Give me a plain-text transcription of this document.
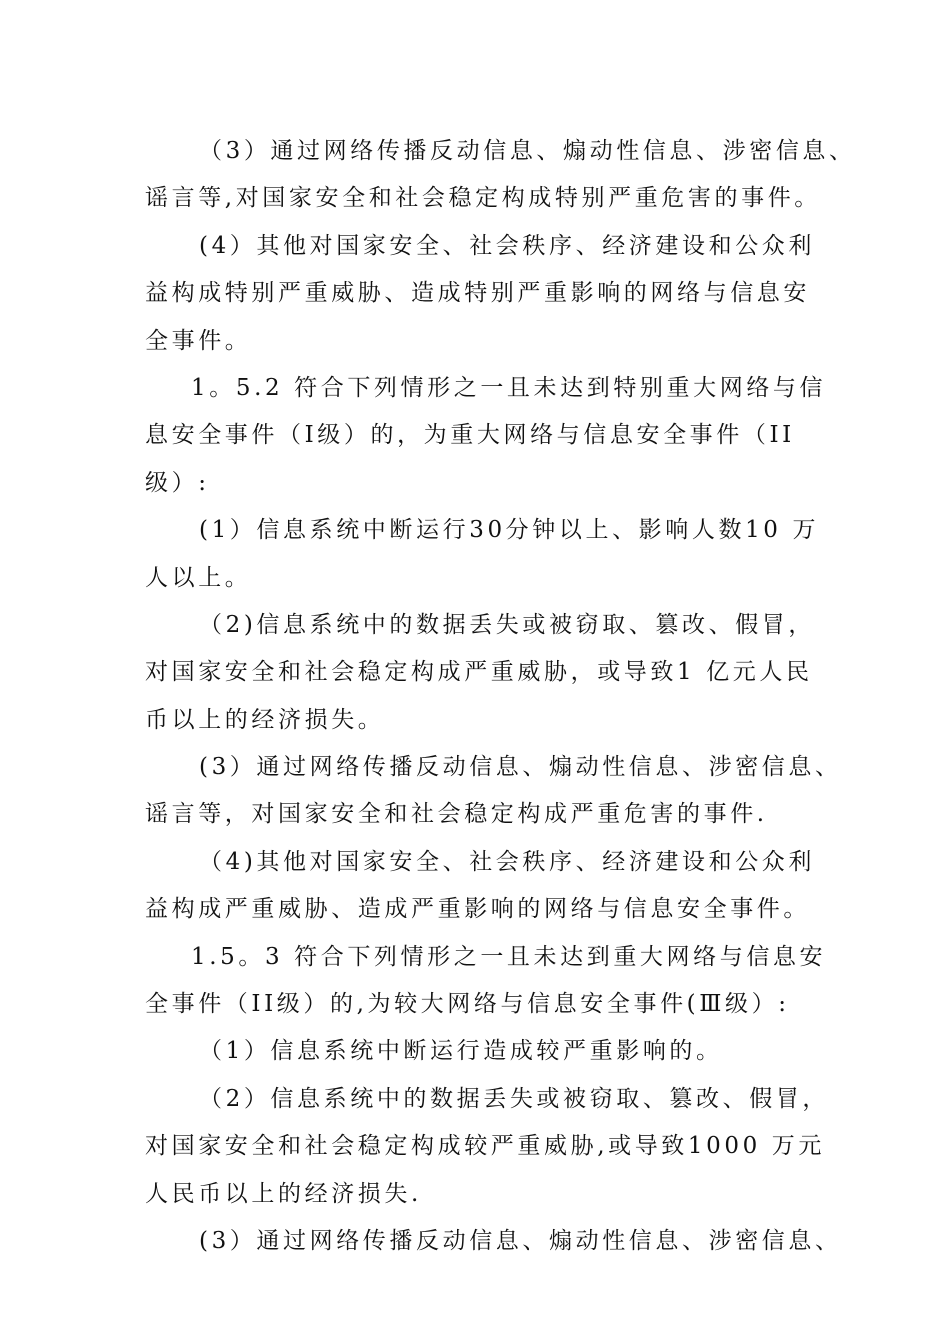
（3）通过网络传播反动信息、煽动性信息、涉密信息、
谣言等,对国家安全和社会稳定构成特别严重危害的事件。
(4）其他对国家安全、社会秩序、经济建设和公众利
益构成特别严重威胁、造成特别严重影响的网络与信息安
全事件。
1。5.2 符合下列情形之一且未达到特别重大网络与信
息安全事件（Ⅰ级）的，为重大网络与信息安全事件（II
级）:
(1）信息系统中断运行30分钟以上、影响人数10 万
人以上。
（2)信息系统中的数据丢失或被窃取、篡改、假冒，
对国家安全和社会稳定构成严重威胁，或导致1 亿元人民
币以上的经济损失。
(3）通过网络传播反动信息、煽动性信息、涉密信息、
谣言等，对国家安全和社会稳定构成严重危害的事件.
（4)其他对国家安全、社会秩序、经济建设和公众利
益构成严重威胁、造成严重影响的网络与信息安全事件。
1.5。3 符合下列情形之一且未达到重大网络与信息安
全事件（II级）的,为较大网络与信息安全事件(Ⅲ级）:
（1）信息系统中断运行造成较严重影响的。
（2）信息系统中的数据丢失或被窃取、篡改、假冒，
对国家安全和社会稳定构成较严重威胁,或导致1000 万元
人民币以上的经济损失.
(3）通过网络传播反动信息、煽动性信息、涉密信息、
